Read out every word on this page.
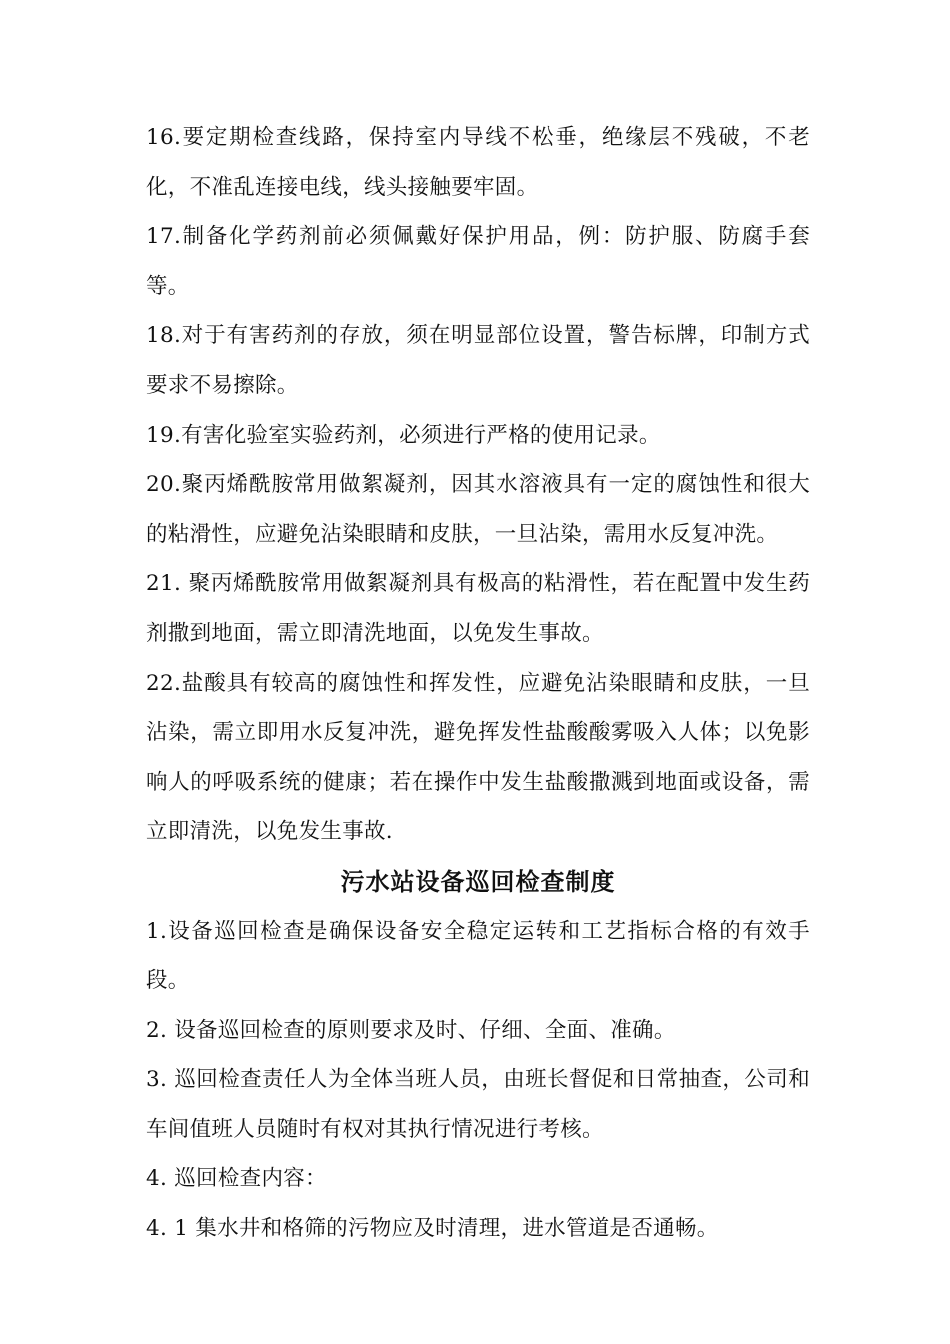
16.要定期检查线路，保持室内导线不松垂，绝缘层不残破，不老化，不准乱连接电线，线头接触要牢固。

17.制备化学药剂前必须佩戴好保护用品，例：防护服、防腐手套等。

18.对于有害药剂的存放，须在明显部位设置，警告标牌，印制方式要求不易擦除。

19.有害化验室实验药剂，必须进行严格的使用记录。

20.聚丙烯酰胺常用做絮凝剂，因其水溶液具有一定的腐蚀性和很大的粘滑性，应避免沾染眼睛和皮肤，一旦沾染，需用水反复冲洗。

21. 聚丙烯酰胺常用做絮凝剂具有极高的粘滑性，若在配置中发生药剂撒到地面，需立即清洗地面，以免发生事故。

22.盐酸具有较高的腐蚀性和挥发性，应避免沾染眼睛和皮肤，一旦沾染，需立即用水反复冲洗，避免挥发性盐酸酸雾吸入人体；以免影响人的呼吸系统的健康；若在操作中发生盐酸撒溅到地面或设备，需立即清洗，以免发生事故.

污水站设备巡回检查制度

1.设备巡回检查是确保设备安全稳定运转和工艺指标合格的有效手段。

2. 设备巡回检查的原则要求及时、仔细、全面、准确。

3. 巡回检查责任人为全体当班人员，由班长督促和日常抽查，公司和车间值班人员随时有权对其执行情况进行考核。

4. 巡回检查内容：

4. 1 集水井和格筛的污物应及时清理，进水管道是否通畅。
